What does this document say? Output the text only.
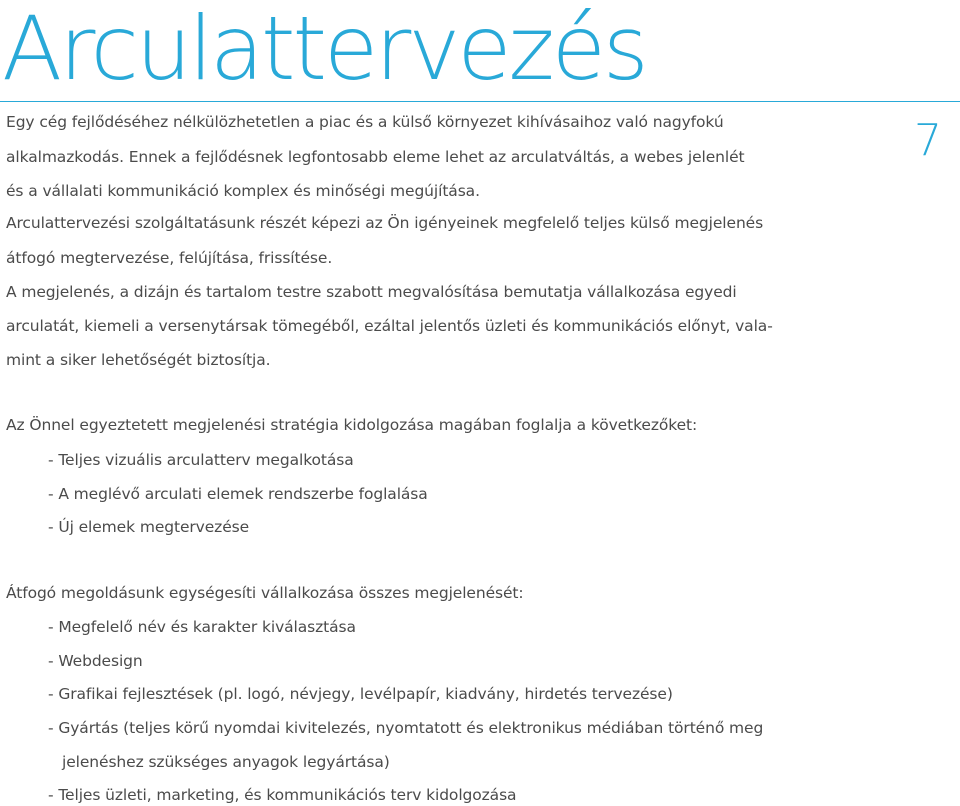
Arculattervezés
7
Egy cég fejlődéséhez nélkülözhetetlen a piac és a külső környezet kihívásaihoz való nagyfokú
alkalmazkodás. Ennek a fejlődésnek legfontosabb eleme lehet az arculatváltás, a webes jelenlét
és a vállalati kommunikáció komplex és minőségi megújítása.
Arculattervezési szolgáltatásunk részét képezi az Ön igényeinek megfelelő teljes külső megjelenés
átfogó megtervezése, felújítása, frissítése.
A megjelenés, a dizájn és tartalom testre szabott megvalósítása bemutatja vállalkozása egyedi
arculatát, kiemeli a versenytársak tömegéből, ezáltal jelentős üzleti és kommunikációs előnyt, vala-
mint a siker lehetőségét biztosítja.
Az Önnel egyeztetett megjelenési stratégia kidolgozása magában foglalja a következőket:
- Teljes vizuális arculatterv megalkotása
- A meglévő arculati elemek rendszerbe foglalása
- Új elemek megtervezése
Átfogó megoldásunk egységesíti vállalkozása összes megjelenését:
- Megfelelő név és karakter kiválasztása
- Webdesign
- Grafikai fejlesztések (pl. logó, névjegy, levélpapír, kiadvány, hirdetés tervezése)
- Gyártás (teljes körű nyomdai kivitelezés, nyomtatott és elektronikus médiában történő meg
jelenéshez szükséges anyagok legyártása)
- Teljes üzleti, marketing, és kommunikációs terv kidolgozása
